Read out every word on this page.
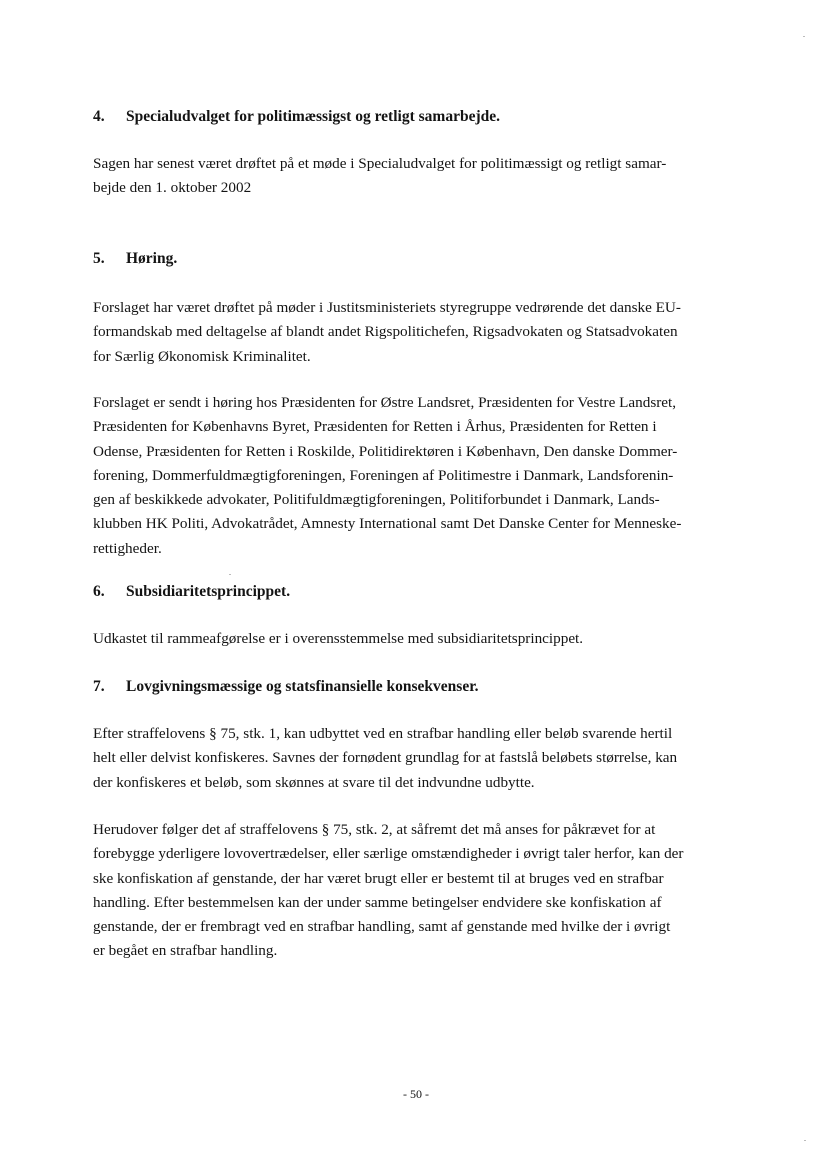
4. Specialudvalget for politimæssigst og retligt samarbejde.

Sagen har senest været drøftet på et møde i Specialudvalget for politimæssigt og retligt samar-
bejde den 1. oktober 2002

5. Høring.

Forslaget har været drøftet på møder i Justitsministeriets styregruppe vedrørende det danske EU-
formandskab med deltagelse af blandt andet Rigspolitichefen, Rigsadvokaten og Statsadvokaten
for Særlig Økonomisk Kriminalitet.

Forslaget er sendt i høring hos Præsidenten for Østre Landsret, Præsidenten for Vestre Landsret,
Præsidenten for Københavns Byret, Præsidenten for Retten i Århus, Præsidenten for Retten i
Odense, Præsidenten for Retten i Roskilde, Politidirektøren i København, Den danske Dommer-
forening, Dommerfuldmægtigforeningen, Foreningen af Politimestre i Danmark, Landsforenin-
gen af beskikkede advokater, Politifuldmægtigforeningen, Politiforbundet i Danmark, Lands-
klubben HK Politi, Advokatrådet, Amnesty International samt Det Danske Center for Menneske-
rettigheder.

6. Subsidiaritetsprincippet.

Udkastet til rammeafgørelse er i overensstemmelse med subsidiaritetsprincippet.

7. Lovgivningsmæssige og statsfinansielle konsekvenser.

Efter straffelovens § 75, stk. 1, kan udbyttet ved en strafbar handling eller beløb svarende hertil
helt eller delvist konfiskeres. Savnes der fornødent grundlag for at fastslå beløbets størrelse, kan
der konfiskeres et beløb, som skønnes at svare til det indvundne udbytte.

Herudover følger det af straffelovens § 75, stk. 2, at såfremt det må anses for påkrævet for at
forebygge yderligere lovovertrædelser, eller særlige omstændigheder i øvrigt taler herfor, kan der
ske konfiskation af genstande, der har været brugt eller er bestemt til at bruges ved en strafbar
handling. Efter bestemmelsen kan der under samme betingelser endvidere ske konfiskation af
genstande, der er frembragt ved en strafbar handling, samt af genstande med hvilke der i øvrigt
er begået en strafbar handling.

- 50 -
